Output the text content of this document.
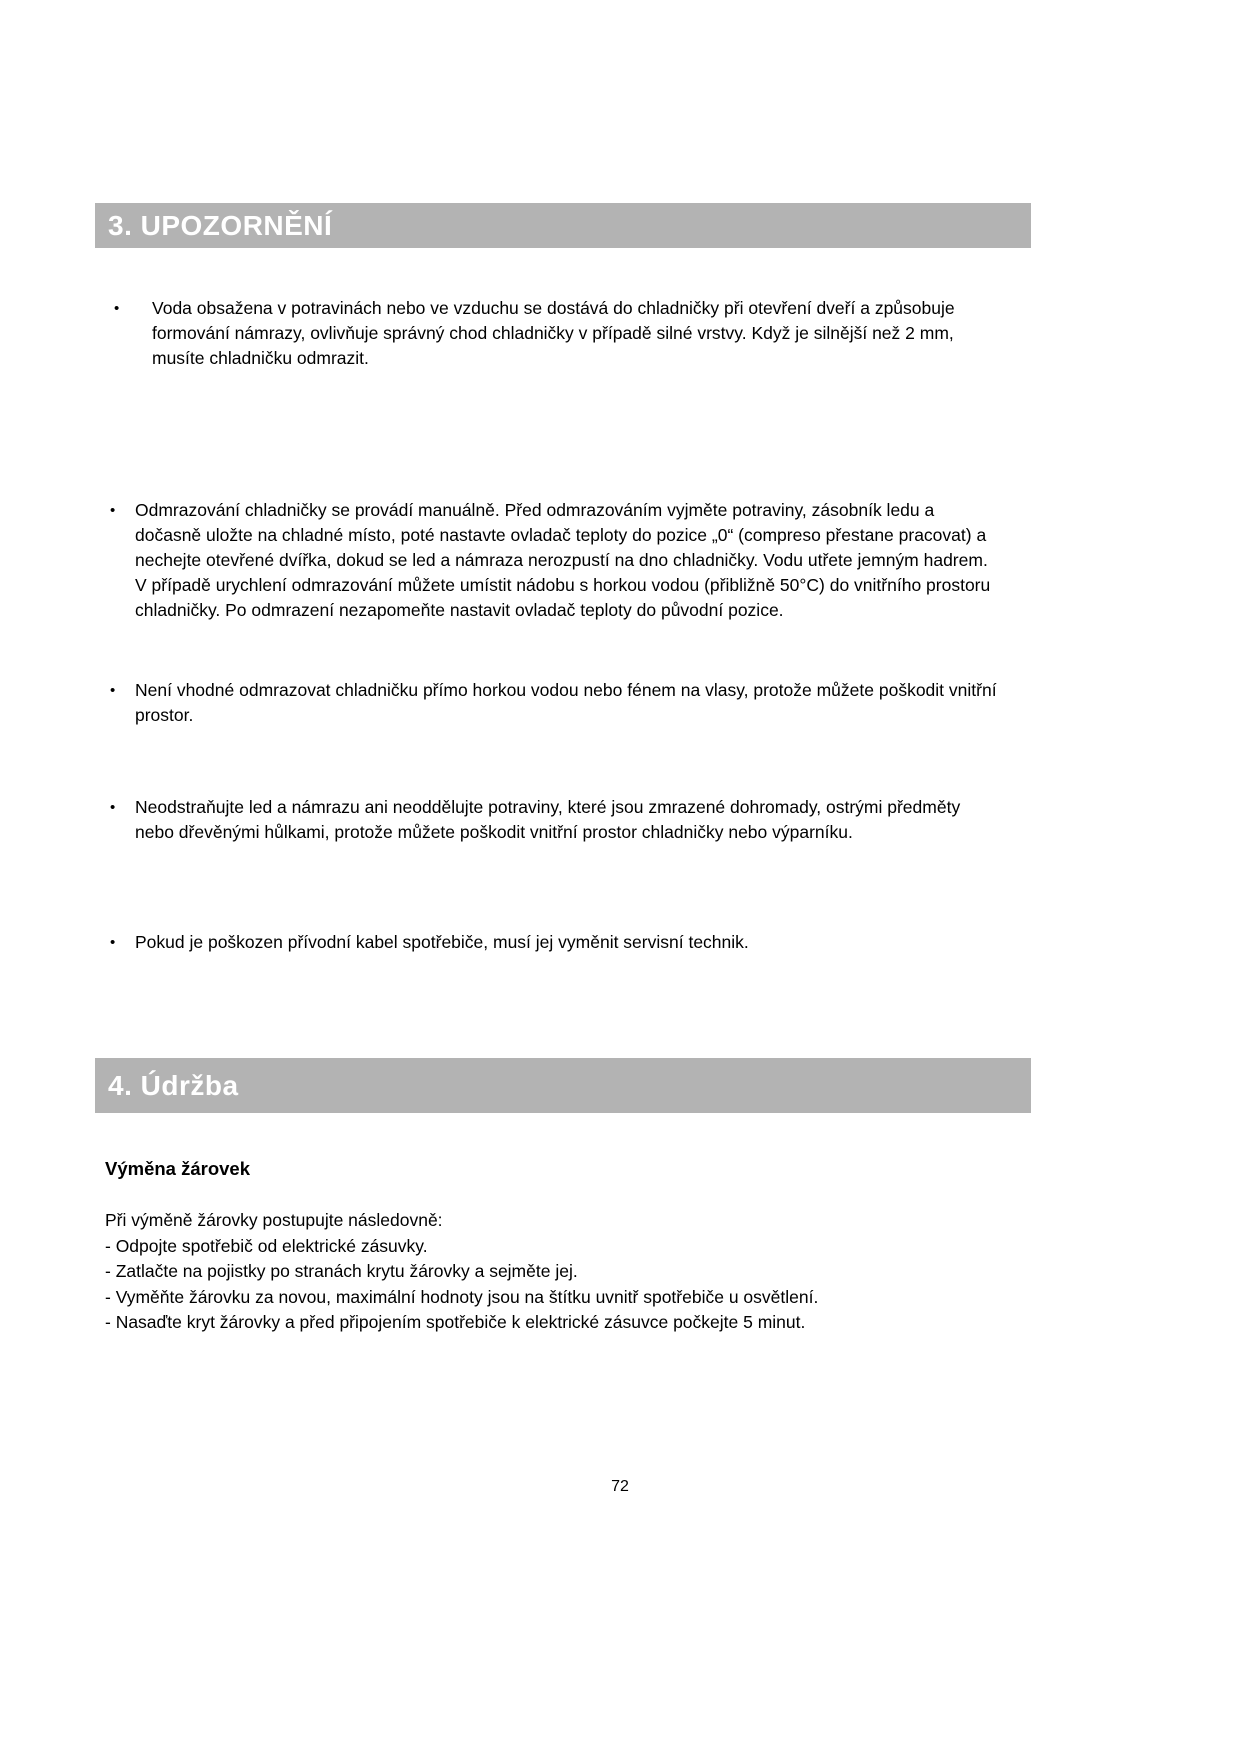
3. UPOZORNĚNÍ
•
Voda obsažena v potravinách nebo ve vzduchu se dostává do chladničky při otevření dveří a způsobuje formování námrazy, ovlivňuje správný chod chladničky v případě silné vrstvy. Když je silnější než 2 mm, musíte chladničku odmrazit.
•
Odmrazování chladničky se provádí manuálně. Před odmrazováním vyjměte potraviny, zásobník ledu a dočasně uložte na chladné místo, poté nastavte ovladač teploty do pozice „0“ (compreso přestane pracovat) a nechejte otevřené dvířka, dokud se led a námraza nerozpustí na dno chladničky. Vodu utřete jemným hadrem. V případě urychlení odmrazování můžete umístit nádobu s horkou vodou (přibližně 50°C) do vnitřního prostoru chladničky. Po odmrazení nezapomeňte nastavit ovladač teploty do původní pozice.
•
Není vhodné odmrazovat chladničku přímo horkou vodou nebo fénem na vlasy, protože můžete poškodit vnitřní prostor.
•
Neodstraňujte led a námrazu ani neoddělujte potraviny, které jsou zmrazené dohromady, ostrými předměty nebo dřevěnými hůlkami, protože můžete poškodit vnitřní prostor chladničky nebo výparníku.
•
Pokud je poškozen přívodní kabel spotřebiče, musí jej vyměnit servisní technik.
4. Údržba
Výměna žárovek
Při výměně žárovky postupujte následovně:
- Odpojte spotřebič od elektrické zásuvky.
- Zatlačte na pojistky po stranách krytu žárovky a sejměte jej.
- Vyměňte žárovku za novou, maximální hodnoty jsou na štítku uvnitř spotřebiče u osvětlení.
- Nasaďte kryt žárovky a před připojením spotřebiče k elektrické zásuvce počkejte 5 minut.
72
